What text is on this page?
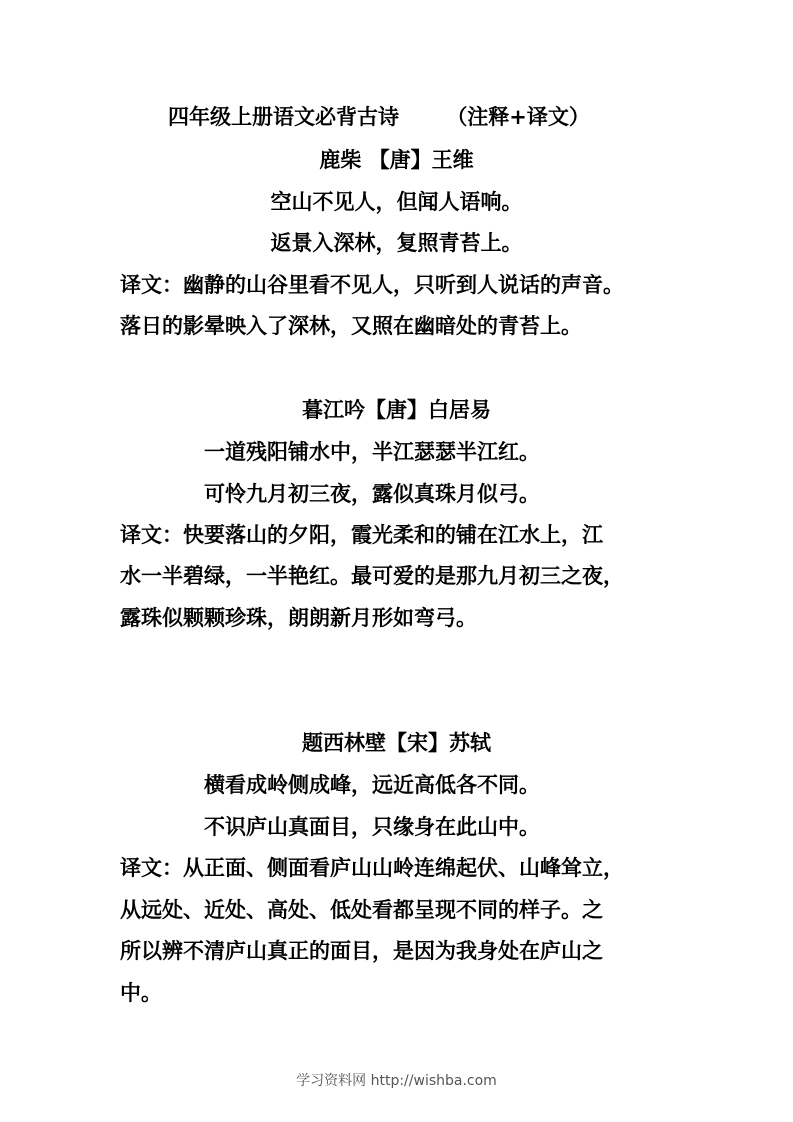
四年级上册语文必背古诗 （注释+译文）
鹿柴 【唐】王维
空山不见人，但闻人语响。
返景入深林，复照青苔上。
译文：幽静的山谷里看不见人，只听到人说话的声音。
落日的影晕映入了深林，又照在幽暗处的青苔上。
暮江吟【唐】白居易
一道残阳铺水中，半江瑟瑟半江红。
可怜九月初三夜，露似真珠月似弓。
译文：快要落山的夕阳，霞光柔和的铺在江水上，江
水一半碧绿，一半艳红。最可爱的是那九月初三之夜，
露珠似颗颗珍珠，朗朗新月形如弯弓。
题西林壁【宋】苏轼
横看成岭侧成峰，远近高低各不同。
不识庐山真面目，只缘身在此山中。
译文：从正面、侧面看庐山山岭连绵起伏、山峰耸立，
从远处、近处、高处、低处看都呈现不同的样子。之
所以辨不清庐山真正的面目，是因为我身处在庐山之
中。
学习资料网 http://wishba.com
